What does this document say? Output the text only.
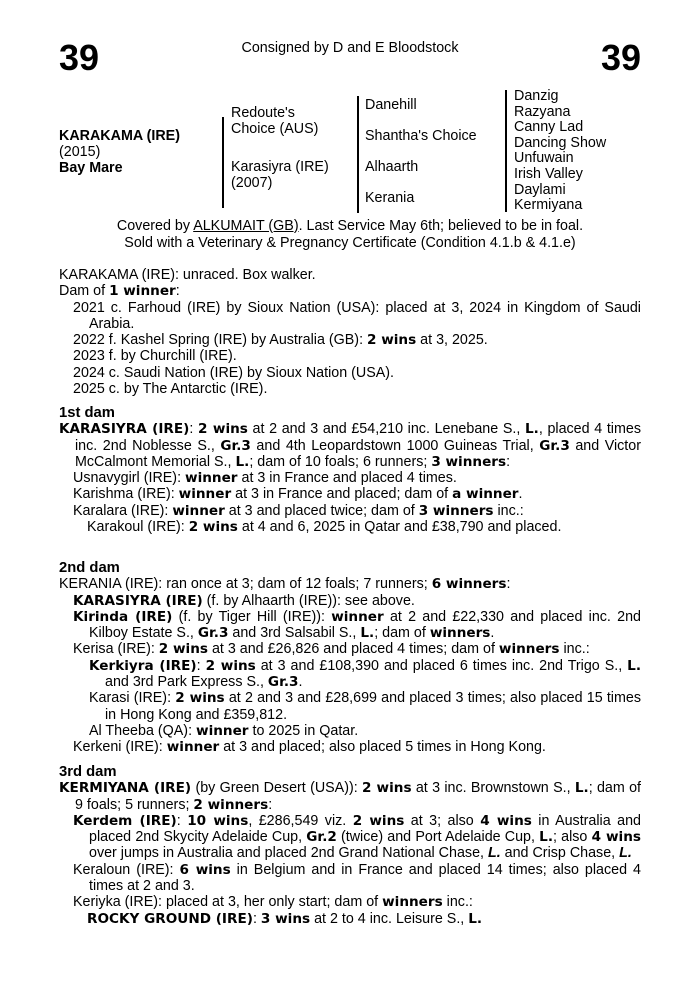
39	Consigned by D and E Bloodstock	39
KARAKAMA (IRE)
(2015)
Bay Mare
Redoute's Choice (AUS)
Karasiyra (IRE) (2007)
Danehill
Shantha's Choice
Alhaarth
Kerania
Danzig
Razyana
Canny Lad
Dancing Show
Unfuwain
Irish Valley
Daylami
Kermiyana
Covered by ALKUMAIT (GB). Last Service May 6th; believed to be in foal.
Sold with a Veterinary & Pregnancy Certificate (Condition 4.1.b & 4.1.e)

KARAKAMA (IRE): unraced. Box walker.

Dam of 1 winner:

2021 c. Farhoud (IRE) by Sioux Nation (USA): placed at 3, 2024 in Kingdom of Saudi Arabia.

2022 f. Kashel Spring (IRE) by Australia (GB): 2 wins at 3, 2025.

2023 f. by Churchill (IRE).

2024 c. Saudi Nation (IRE) by Sioux Nation (USA).

2025 c. by The Antarctic (IRE).

1st dam

KARASIYRA (IRE): 2 wins at 2 and 3 and £54,210 inc. Lenebane S., L., placed 4 times inc. 2nd Noblesse S., Gr.3 and 4th Leopardstown 1000 Guineas Trial, Gr.3 and Victor McCalmont Memorial S., L.; dam of 10 foals; 6 runners; 3 winners:

Usnavygirl (IRE): winner at 3 in France and placed 4 times.

Karishma (IRE): winner at 3 in France and placed; dam of a winner.

Karalara (IRE): winner at 3 and placed twice; dam of 3 winners inc.:

Karakoul (IRE): 2 wins at 4 and 6, 2025 in Qatar and £38,790 and placed.

2nd dam

KERANIA (IRE): ran once at 3; dam of 12 foals; 7 runners; 6 winners:

KARASIYRA (IRE) (f. by Alhaarth (IRE)): see above.

Kirinda (IRE) (f. by Tiger Hill (IRE)): winner at 2 and £22,330 and placed inc. 2nd Kilboy Estate S., Gr.3 and 3rd Salsabil S., L.; dam of winners.

Kerisa (IRE): 2 wins at 3 and £26,826 and placed 4 times; dam of winners inc.:

Kerkiyra (IRE): 2 wins at 3 and £108,390 and placed 6 times inc. 2nd Trigo S., L. and 3rd Park Express S., Gr.3.

Karasi (IRE): 2 wins at 2 and 3 and £28,699 and placed 3 times; also placed 15 times in Hong Kong and £359,812.

Al Theeba (QA): winner to 2025 in Qatar.

Kerkeni (IRE): winner at 3 and placed; also placed 5 times in Hong Kong.

3rd dam

KERMIYANA (IRE) (by Green Desert (USA)): 2 wins at 3 inc. Brownstown S., L.; dam of 9 foals; 5 runners; 2 winners:

Kerdem (IRE): 10 wins, £286,549 viz. 2 wins at 3; also 4 wins in Australia and placed 2nd Skycity Adelaide Cup, Gr.2 (twice) and Port Adelaide Cup, L.; also 4 wins over jumps in Australia and placed 2nd Grand National Chase, L. and Crisp Chase, L.

Keraloun (IRE): 6 wins in Belgium and in France and placed 14 times; also placed 4 times at 2 and 3.

Keriyka (IRE): placed at 3, her only start; dam of winners inc.:

ROCKY GROUND (IRE): 3 wins at 2 to 4 inc. Leisure S., L.
